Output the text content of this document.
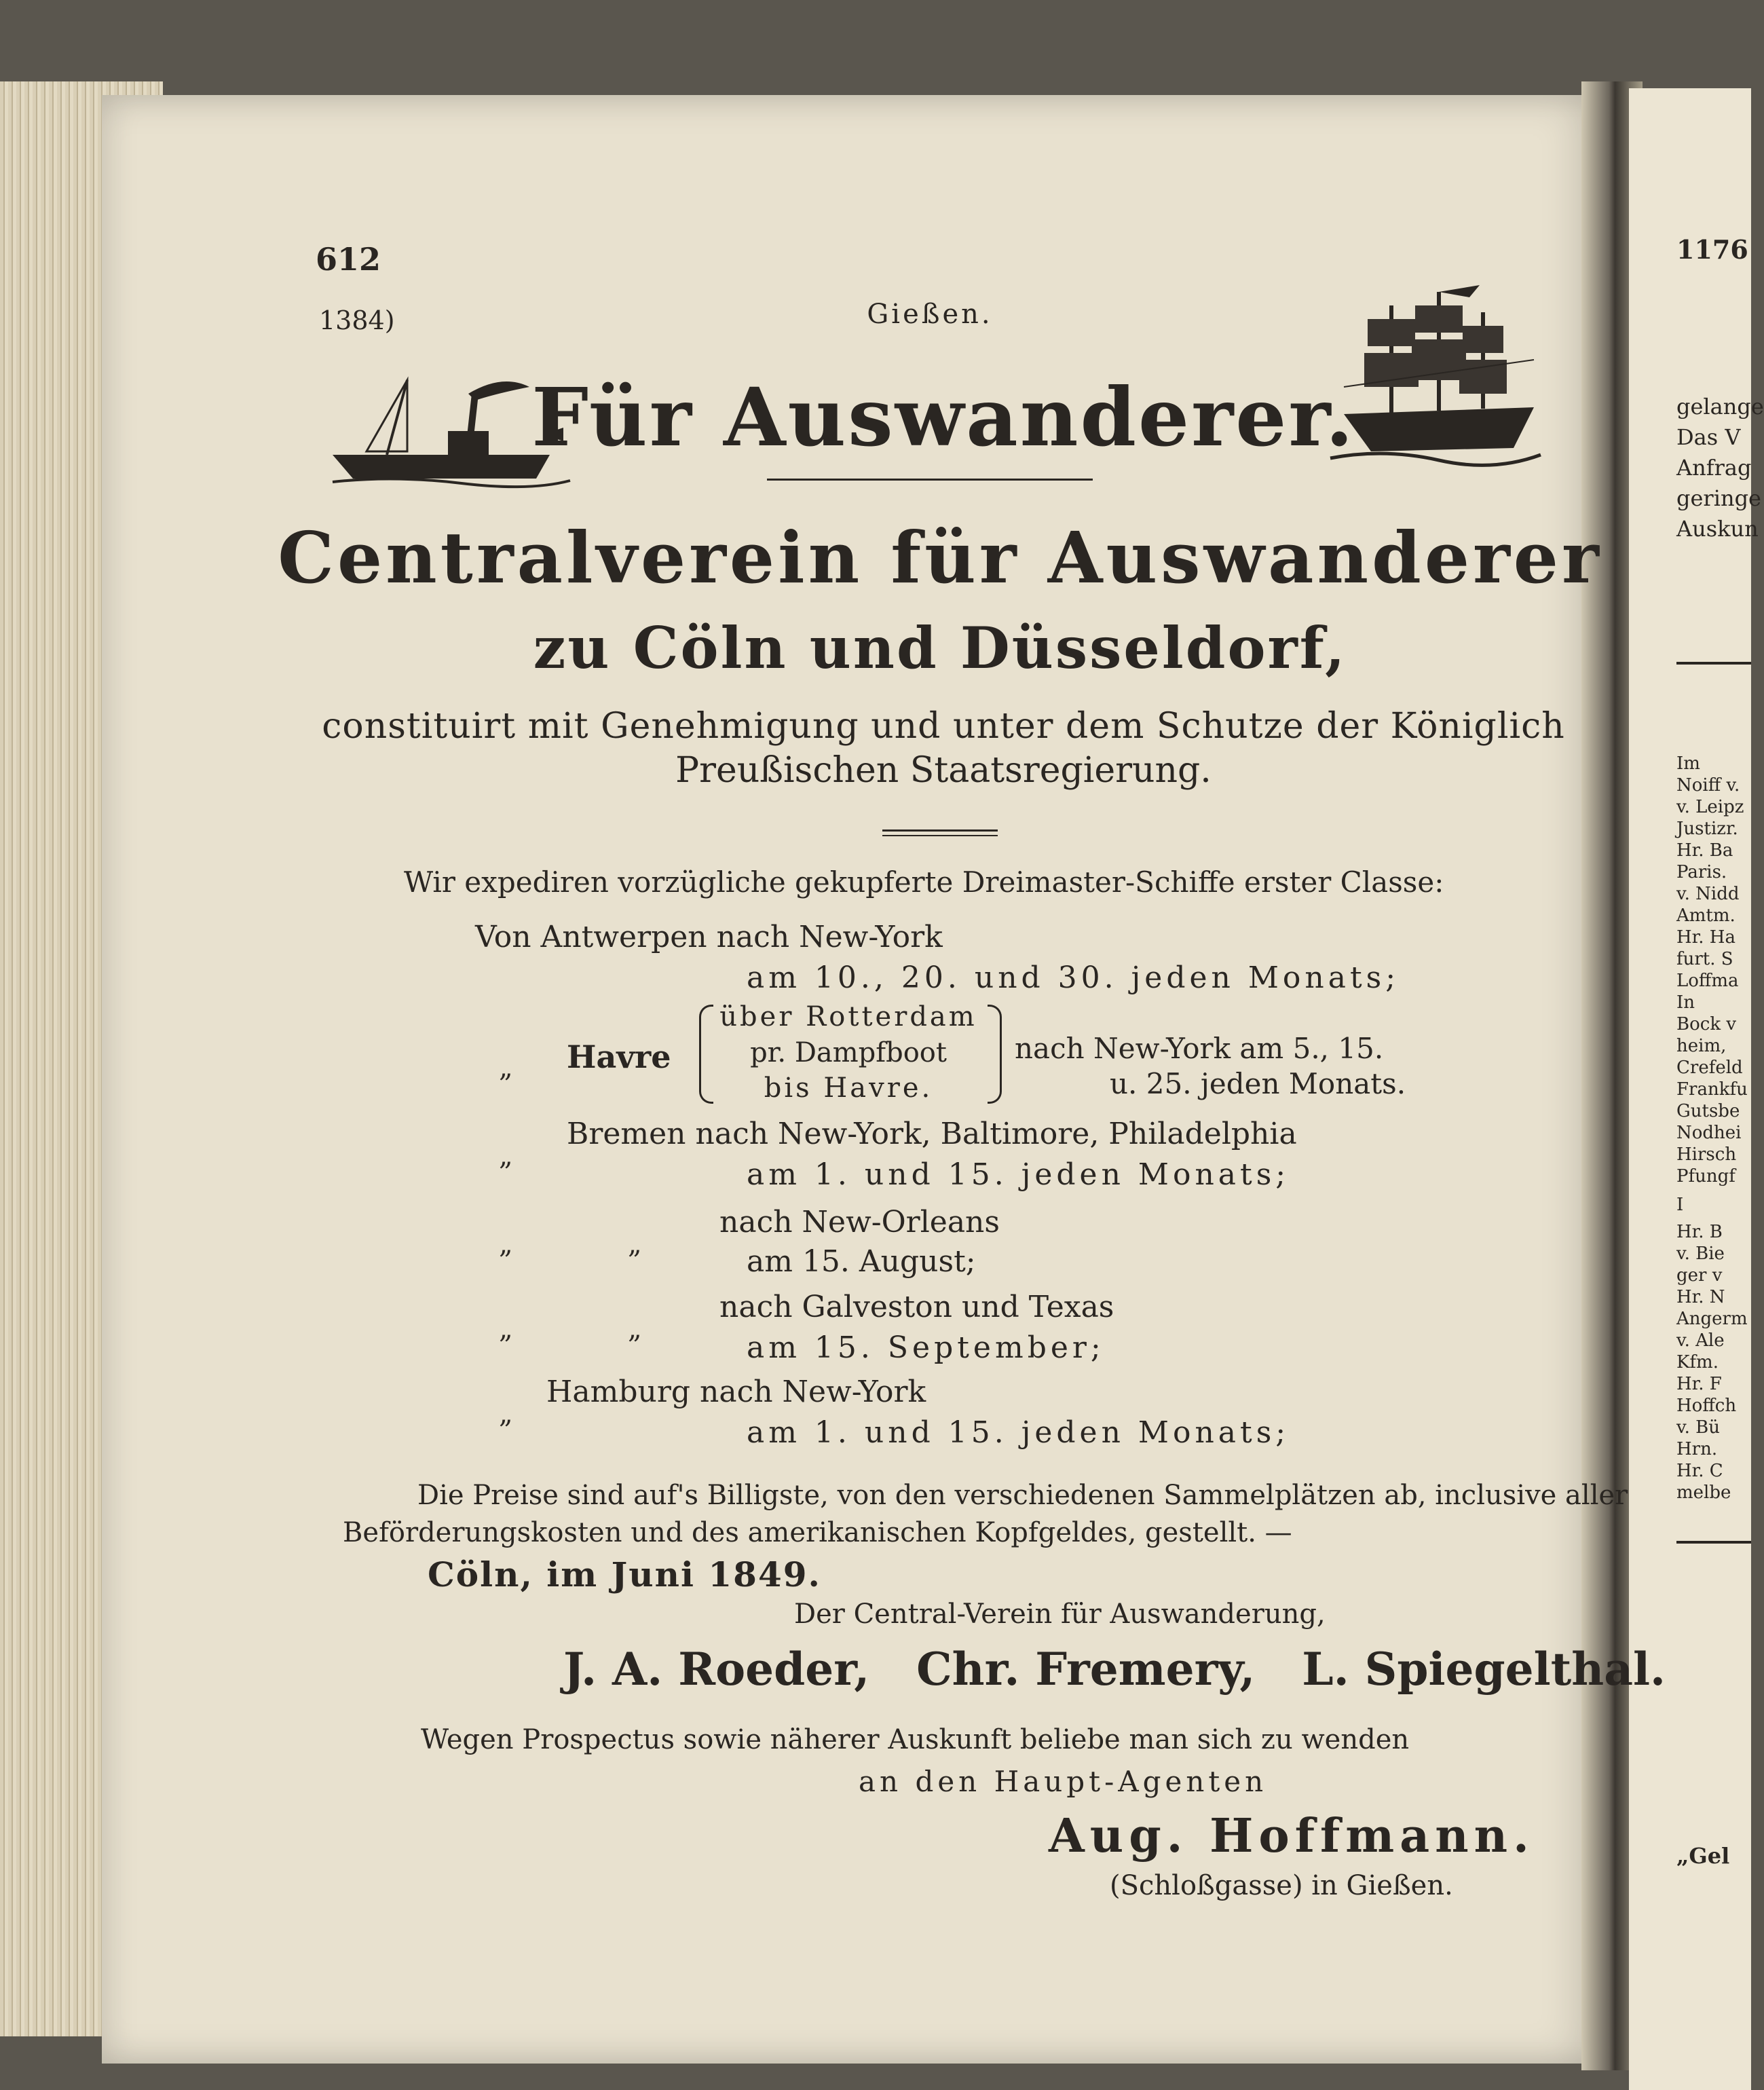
612
1384)	Gießen.
Für Auswanderer.
Centralverein für Auswanderer
zu Cöln und Düsseldorf,
constituirt mit Genehmigung und unter dem Schutze der Königlich
Preußischen Staatsregierung.
Wir expediren vorzügliche gekupferte Dreimaster-Schiffe erster Classe:
Von Antwerpen nach New-York
am 10., 20. und 30. jeden Monats;
„ Havre
über Rotterdam
pr. Dampfboot
bis Havre.
nach New-York am 5., 15.
u. 25. jeden Monats.
„
Bremen nach New-York, Baltimore, Philadelphia
am 1. und 15. jeden Monats;
„	„
nach New-Orleans
am 15. August;
„	„
nach Galveston und Texas
am 15. September;
„
Hamburg nach New-York
am 1. und 15. jeden Monats;
Die Preise sind auf's Billigste, von den verschiedenen Sammelplätzen ab, inclusive aller
Beförderungskosten und des amerikanischen Kopfgeldes, gestellt. —
Cöln, im Juni 1849.
Der Central-Verein für Auswanderung,
J. A. Roeder,   Chr. Fremery,   L. Spiegelthal.
Wegen Prospectus sowie näherer Auskunft beliebe man sich zu wenden
an den Haupt-Agenten
Aug. Hoffmann.
(Schloßgasse) in Gießen.
1176
gelange
Das V
Anfrag
geringe
Auskun
Im
Noiff v.
v. Leipz
Justizr.
Hr. Ba
Paris.
v. Nidd
Amtm.
Hr. Ha
furt. S
Loffma
In
Bock v
heim,
Crefeld
Frankfu
Gutsbe
Nodhei
Hirsch
Pfungf
I
Hr. B
v. Bie
ger v
Hr. N
Angerm
v. Ale
Kfm.
Hr. F
Hoffch
v. Bü
Hrn.
Hr. C
melbe
„Gel
